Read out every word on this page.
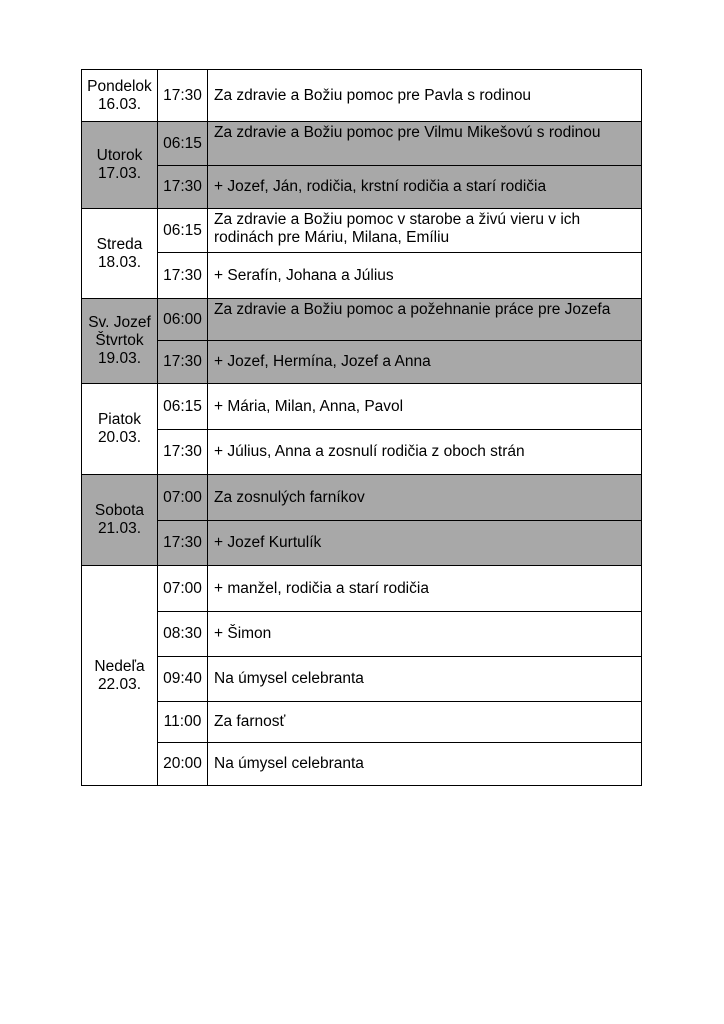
Pondelok
16.03.	17:30	Za zdravie a Božiu pomoc pre Pavla s rodinou

Utorok
17.03.	06:15	Za zdravie a Božiu pomoc pre Vilmu Mikešovú s rodinou
	17:30	+ Jozef, Ján, rodičia, krstní rodičia a starí rodičia

Streda
18.03.	06:15	Za zdravie a Božiu pomoc v starobe a živú vieru v ich rodinách pre Máriu, Milana, Emíliu
	17:30	+ Serafín, Johana a Július

Sv. Jozef
Štvrtok
19.03.	06:00	Za zdravie a Božiu pomoc a požehnanie práce pre Jozefa
	17:30	+ Jozef, Hermína, Jozef a Anna

Piatok
20.03.	06:15	+ Mária, Milan, Anna, Pavol
	17:30	+ Július, Anna a zosnulí rodičia z oboch strán

Sobota
21.03.	07:00	Za zosnulých farníkov
	17:30	+ Jozef Kurtulík

Nedeľa
22.03.	07:00	+ manžel, rodičia a starí rodičia
	08:30	+ Šimon
	09:40	Na úmysel celebranta
	11:00	Za farnosť
	20:00	Na úmysel celebranta
